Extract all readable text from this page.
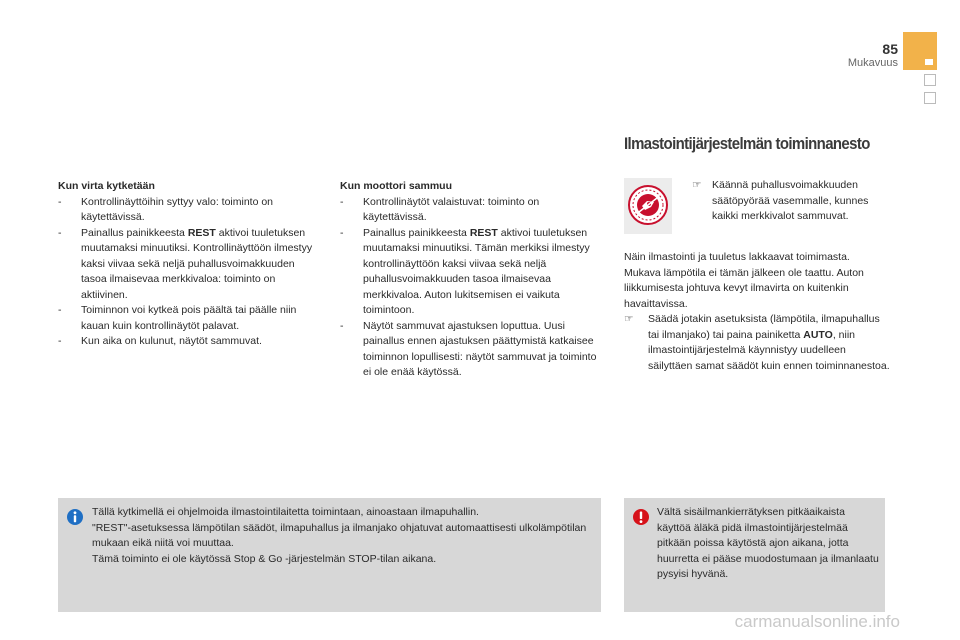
85
Mukavuus
Ilmastointijärjestelmän toiminnanesto
Kun virta kytketään
- Kontrollinäyttöihin syttyy valo: toiminto on käytettävissä.
- Painallus painikkeesta REST aktivoi tuuletuksen muutamaksi minuutiksi. Kontrollinäyttöön ilmestyy kaksi viivaa sekä neljä puhallusvoimakkuuden tasoa ilmaisevaa merkkivaloa: toiminto on aktiivinen.
- Toiminnon voi kytkeä pois päältä tai päälle niin kauan kuin kontrollinäytöt palavat.
- Kun aika on kulunut, näytöt sammuvat.
Kun moottori sammuu
- Kontrollinäytöt valaistuvat: toiminto on käytettävissä.
- Painallus painikkeesta REST aktivoi tuuletuksen muutamaksi minuutiksi. Tämän merkiksi ilmestyy kontrollinäyttöön kaksi viivaa sekä neljä puhallusvoimakkuuden tasoa ilmaisevaa merkkivaloa. Auton lukitsemisen ei vaikuta toimintoon.
- Näytöt sammuvat ajastuksen loputtua. Uusi painallus ennen ajastuksen päättymistä katkaisee toiminnon lopullisesti: näytöt sammuvat ja toiminto ei ole enää käytössä.
☞ Käännä puhallusvoimakkuuden säätöpyörää vasemmalle, kunnes kaikki merkkivalot sammuvat.

Näin ilmastointi ja tuuletus lakkaavat toimimasta.

Mukava lämpötila ei tämän jälkeen ole taattu. Auton liikkumisesta johtuva kevyt ilmavirta on kuitenkin havaittavissa.

☞ Säädä jotakin asetuksista (lämpötila, ilmapuhallus tai ilmanjako) tai paina painiketta AUTO, niin ilmastointijärjestelmä käynnistyy uudelleen säilyttäen samat säädöt kuin ennen toiminnanestoa.
Tällä kytkimellä ei ohjelmoida ilmastointilaitetta toimintaan, ainoastaan ilmapuhallin.
"REST"-asetuksessa lämpötilan säädöt, ilmapuhallus ja ilmanjako ohjatuvat automaattisesti ulkolämpötilan mukaan eikä niitä voi muuttaa.
Tämä toiminto ei ole käytössä Stop & Go -järjestelmän STOP-tilan aikana.
Vältä sisäilmankierrätyksen pitkäaikaista käyttöä äläkä pidä ilmastointijärjestelmää pitkään poissa käytöstä ajon aikana, jotta huurretta ei pääse muodostumaan ja ilmanlaatu pysyisi hyvänä.
carmanualsonline.info
